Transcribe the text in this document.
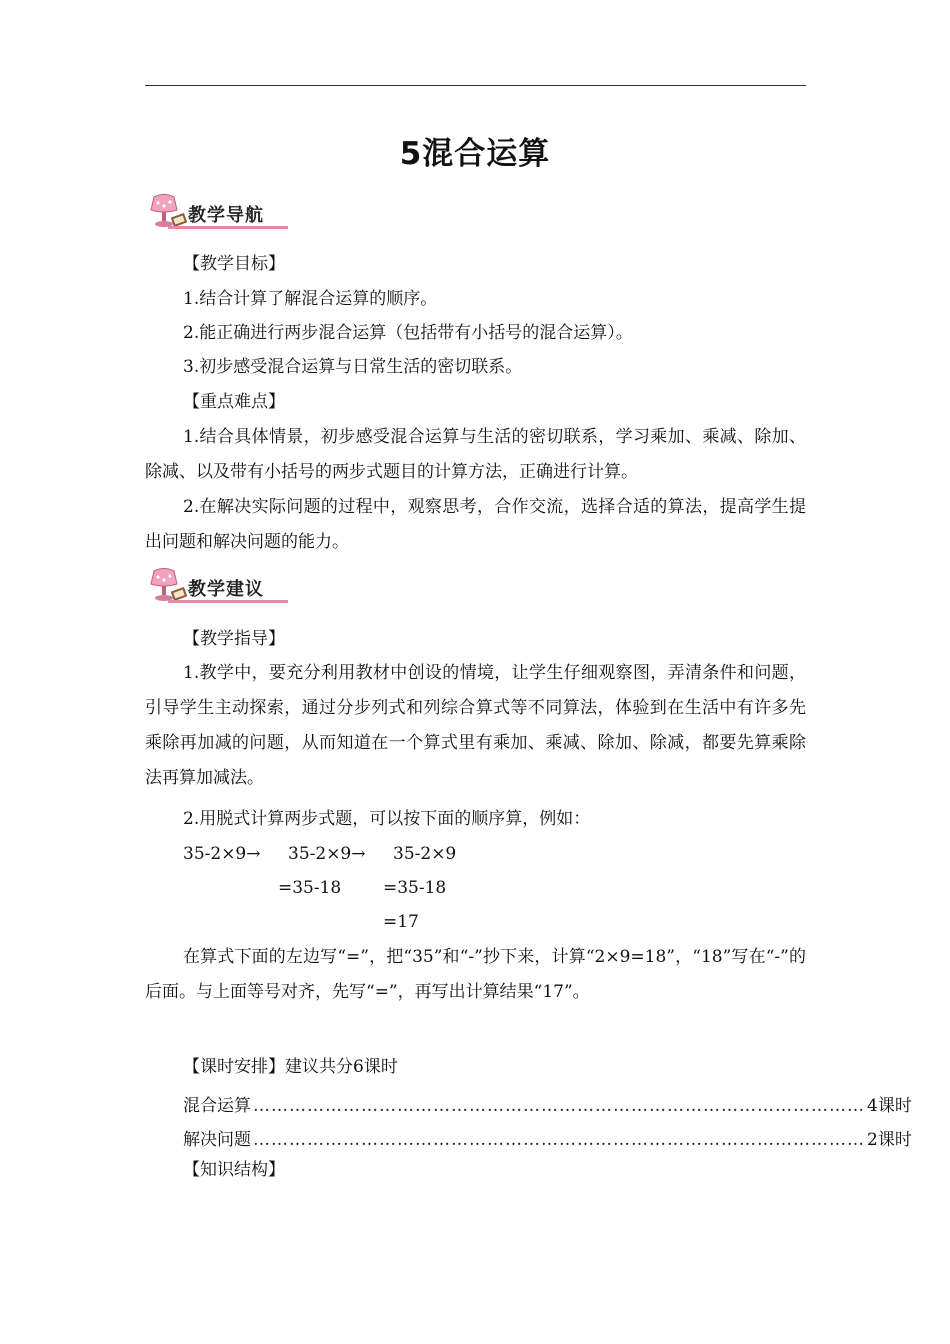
5混合运算
教学导航
【教学目标】
1.结合计算了解混合运算的顺序。
2.能正确进行两步混合运算（包括带有小括号的混合运算）。
3.初步感受混合运算与日常生活的密切联系。
【重点难点】
1.结合具体情景，初步感受混合运算与生活的密切联系，学习乘加、乘减、除加、除减、以及带有小括号的两步式题目的计算方法，正确进行计算。
2.在解决实际问题的过程中，观察思考，合作交流，选择合适的算法，提高学生提出问题和解决问题的能力。
教学建议
【教学指导】
1.教学中，要充分利用教材中创设的情境，让学生仔细观察图，弄清条件和问题，引导学生主动探索，通过分步列式和列综合算式等不同算法，体验到在生活中有许多先乘除再加减的问题，从而知道在一个算式里有乘加、乘减、除加、除减，都要先算乘除法再算加减法。
2.用脱式计算两步式题，可以按下面的顺序算，例如：
35-2×9→ 35-2×9→
=35-18
35-2×9
=35-18
=17
在算式下面的左边写“=”，把“35”和“-”抄下来，计算“2×9=18”，“18”写在“-”的后面。与上面等号对齐，先写“=”，再写出计算结果“17”。
【课时安排】建议共分6课时
混合运算 ………………………………………………………………………………………… 4课时
解决问题 ………………………………………………………………………………………… 2课时
【知识结构】
